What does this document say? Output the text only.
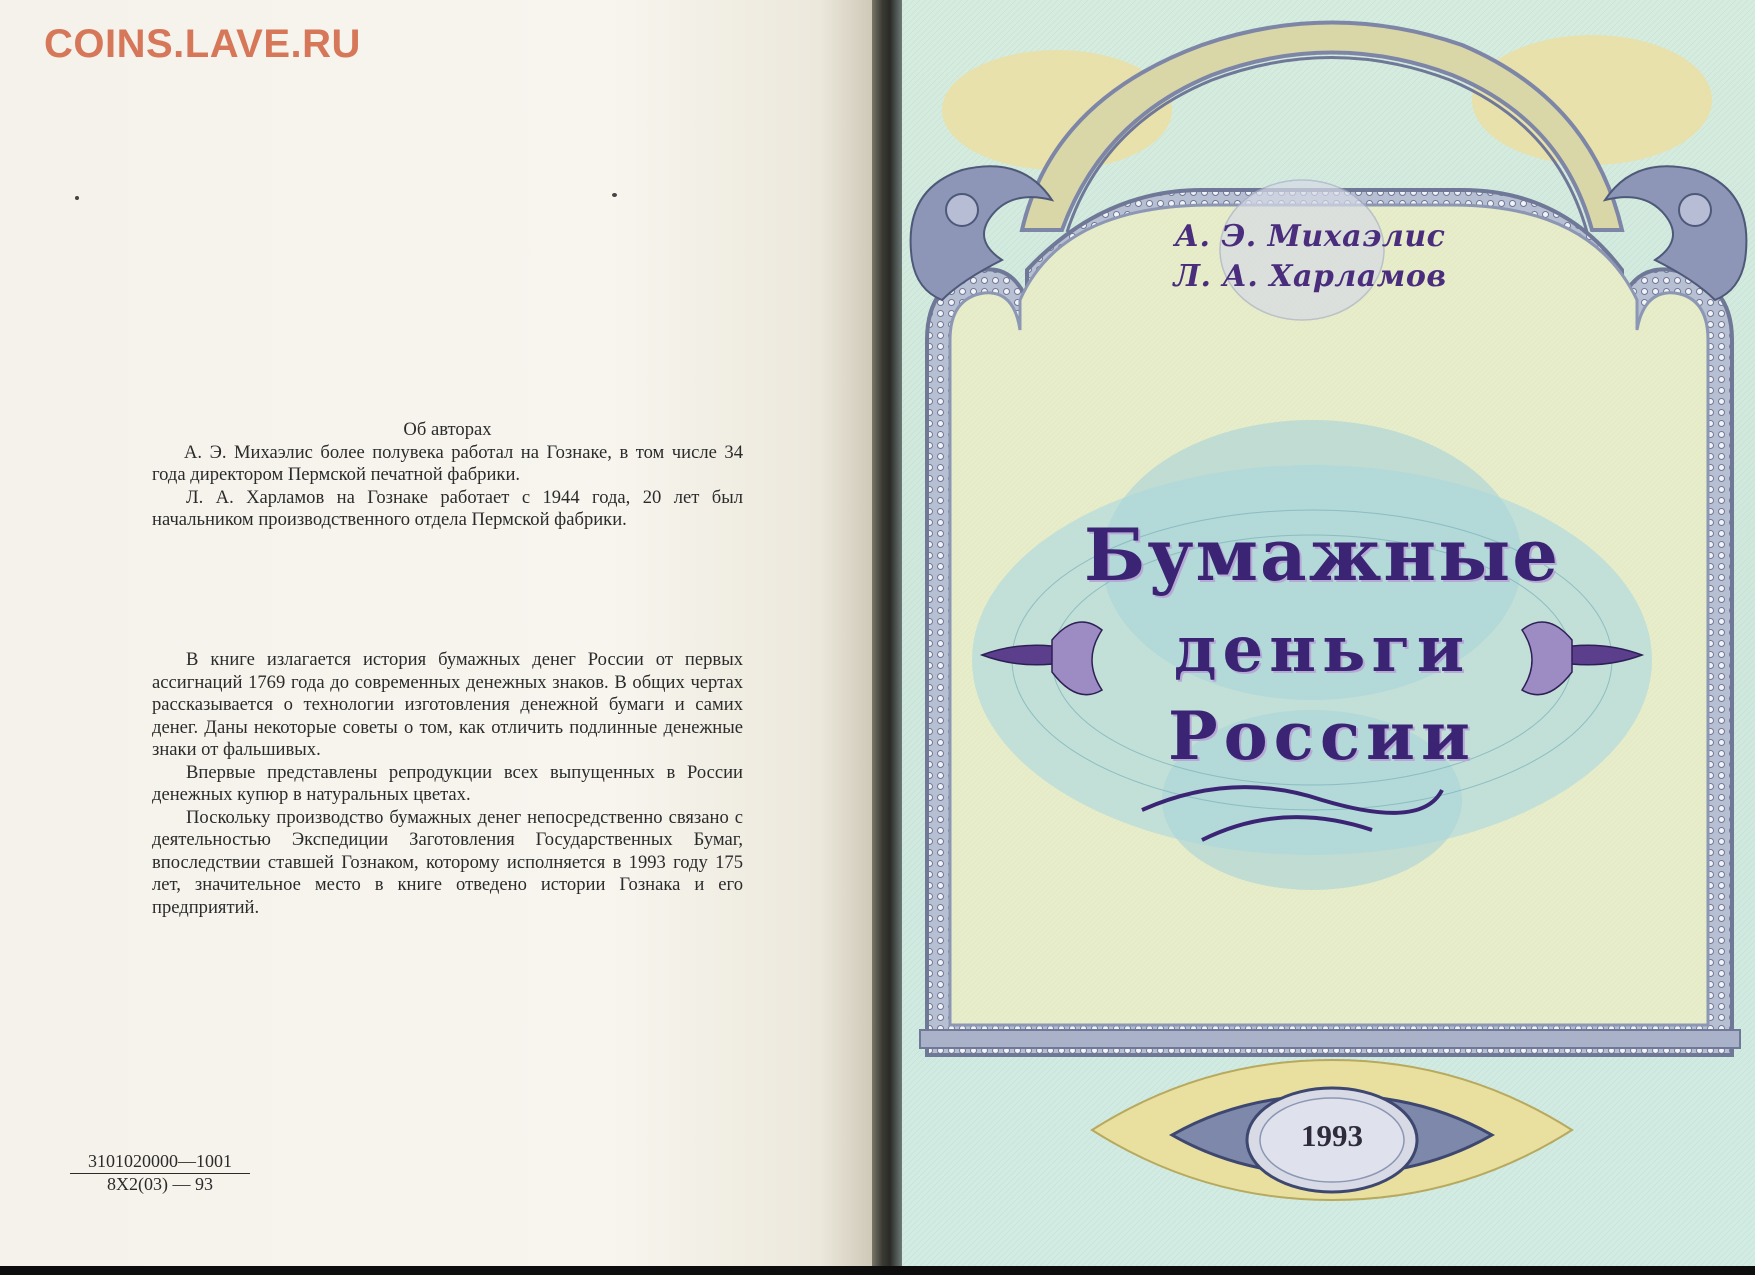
COINS.LAVE.RU

Об авторах

А. Э. Михаэлис более полувека работал на Гознаке, в том числе 34 года директором Пермской печатной фабрики.

Л. А. Харламов на Гознаке работает с 1944 года, 20 лет был начальником производственного отдела Пермской фабрики.

В книге излагается история бумажных денег России от первых ассигнаций 1769 года до современных денежных знаков. В общих чертах рассказывается о технологии изготовления денежной бумаги и самих денег. Даны некоторые советы о том, как отличить подлинные денежные знаки от фальшивых.

Впервые представлены репродукции всех выпущенных в России денежных купюр в натуральных цветах.

Поскольку производство бумажных денег непосредственно связано с деятельностью Экспедиции Заготовления Государственных Бумаг, впоследствии ставшей Гознаком, которому исполняется в 1993 году 175 лет, значительное место в книге отведено истории Гознака и его предприятий.

3101020000—1001
8Х2(03) — 93
А. Э. Михаэлис
Л. А. Харламов
Бумажные
деньги
России
1993
